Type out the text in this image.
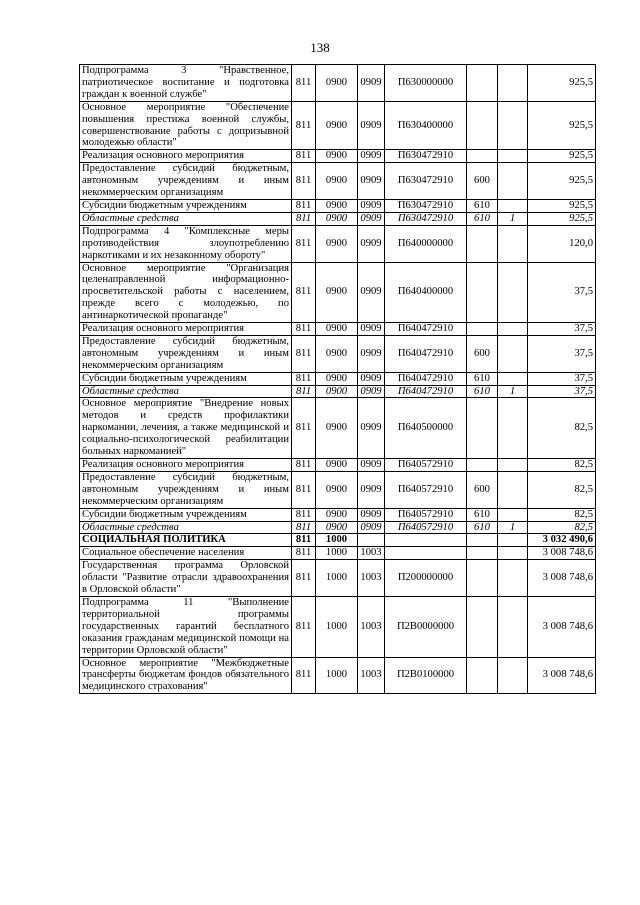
138
Подпрограмма 3 "Нравственное, патриотическое воспитание и подготовка граждан к военной службе"	811	0900	0909	П630000000			925,5
Основное мероприятие "Обеспечение повышения престижа военной службы, совершенствование работы с допризывной молодежью области"	811	0900	0909	П630400000			925,5
Реализация основного мероприятия	811	0900	0909	П630472910			925,5
Предоставление субсидий бюджетным, автономным учреждениям и иным некоммерческим организациям	811	0900	0909	П630472910	600		925,5
Субсидии бюджетным учреждениям	811	0900	0909	П630472910	610		925,5
Областные средства	811	0900	0909	П630472910	610	1	925,5
Подпрограмма 4 "Комплексные меры противодействия злоупотреблению наркотиками и их незаконному обороту"	811	0900	0909	П640000000			120,0
Основное мероприятие "Организация целенаправленной информационно-просветительской работы с населением, прежде всего с молодежью, по антинаркотической пропаганде"	811	0900	0909	П640400000			37,5
Реализация основного мероприятия	811	0900	0909	П640472910			37,5
Предоставление субсидий бюджетным, автономным учреждениям и иным некоммерческим организациям	811	0900	0909	П640472910	600		37,5
Субсидии бюджетным учреждениям	811	0900	0909	П640472910	610		37,5
Областные средства	811	0900	0909	П640472910	610	1	37,5
Основное мероприятие "Внедрение новых методов и средств профилактики наркомании, лечения, а также медицинской и социально-психологической реабилитации больных наркоманией"	811	0900	0909	П640500000			82,5
Реализация основного мероприятия	811	0900	0909	П640572910			82,5
Предоставление субсидий бюджетным, автономным учреждениям и иным некоммерческим организациям	811	0900	0909	П640572910	600		82,5
Субсидии бюджетным учреждениям	811	0900	0909	П640572910	610		82,5
Областные средства	811	0900	0909	П640572910	610	1	82,5
СОЦИАЛЬНАЯ ПОЛИТИКА	811	1000					3 032 490,6
Социальное обеспечение населения	811	1000	1003				3 008 748,6
Государственная программа Орловской области "Развитие отрасли здравоохранения в Орловской области"	811	1000	1003	П200000000			3 008 748,6
Подпрограмма 11 "Выполнение территориальной программы государственных гарантий бесплатного оказания гражданам медицинской помощи на территории Орловской области"	811	1000	1003	П2В0000000			3 008 748,6
Основное мероприятие "Межбюджетные трансферты бюджетам фондов обязательного медицинского страхования"	811	1000	1003	П2В0100000			3 008 748,6
